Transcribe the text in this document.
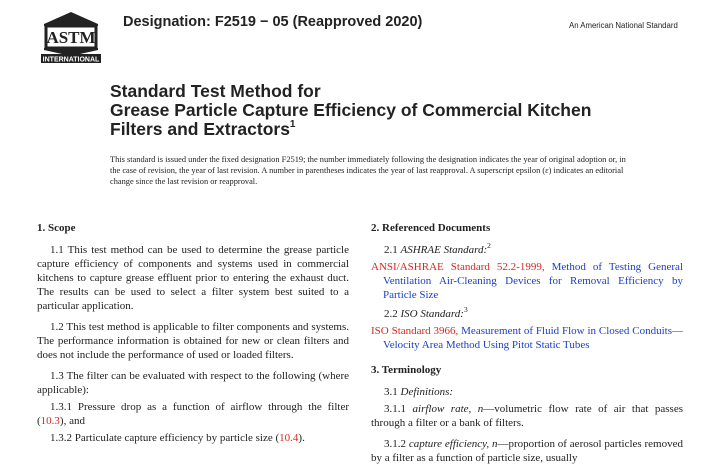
ASTM
INTERNATIONAL
Designation: F2519 − 05 (Reapproved 2020)	An American National Standard
Standard Test Method for
Grease Particle Capture Efficiency of Commercial Kitchen
Filters and Extractors$^1$
This standard is issued under the fixed designation F2519; the number immediately following the designation indicates the year of original adoption or, in the case of revision, the year of last revision. A number in parentheses indicates the year of last reapproval. A superscript epsilon (ε) indicates an editorial change since the last revision or reapproval.
1. Scope
1.1 This test method can be used to determine the grease particle capture efficiency of components and systems used in commercial kitchens to capture grease effluent prior to entering the exhaust duct. The results can be used to select a filter system best suited to a particular application.
1.2 This test method is applicable to filter components and systems. The performance information is obtained for new or clean filters and does not include the performance of used or loaded filters.
1.3 The filter can be evaluated with respect to the following (where applicable):
1.3.1 Pressure drop as a function of airflow through the filter (10.3), and
1.3.2 Particulate capture efficiency by particle size (10.4).
2. Referenced Documents
2.1 ASHRAE Standard:$^2$
ANSI/ASHRAE Standard 52.2-1999, Method of Testing General Ventilation Air-Cleaning Devices for Removal Efficiency by Particle Size
2.2 ISO Standard:$^3$
ISO Standard 3966, Measurement of Fluid Flow in Closed Conduits—Velocity Area Method Using Pitot Static Tubes
3. Terminology
3.1 Definitions:
3.1.1 airflow rate, n—volumetric flow rate of air that passes through a filter or a bank of filters.
3.1.2 capture efficiency, n—proportion of aerosol particles removed by a filter as a function of particle size, usually
